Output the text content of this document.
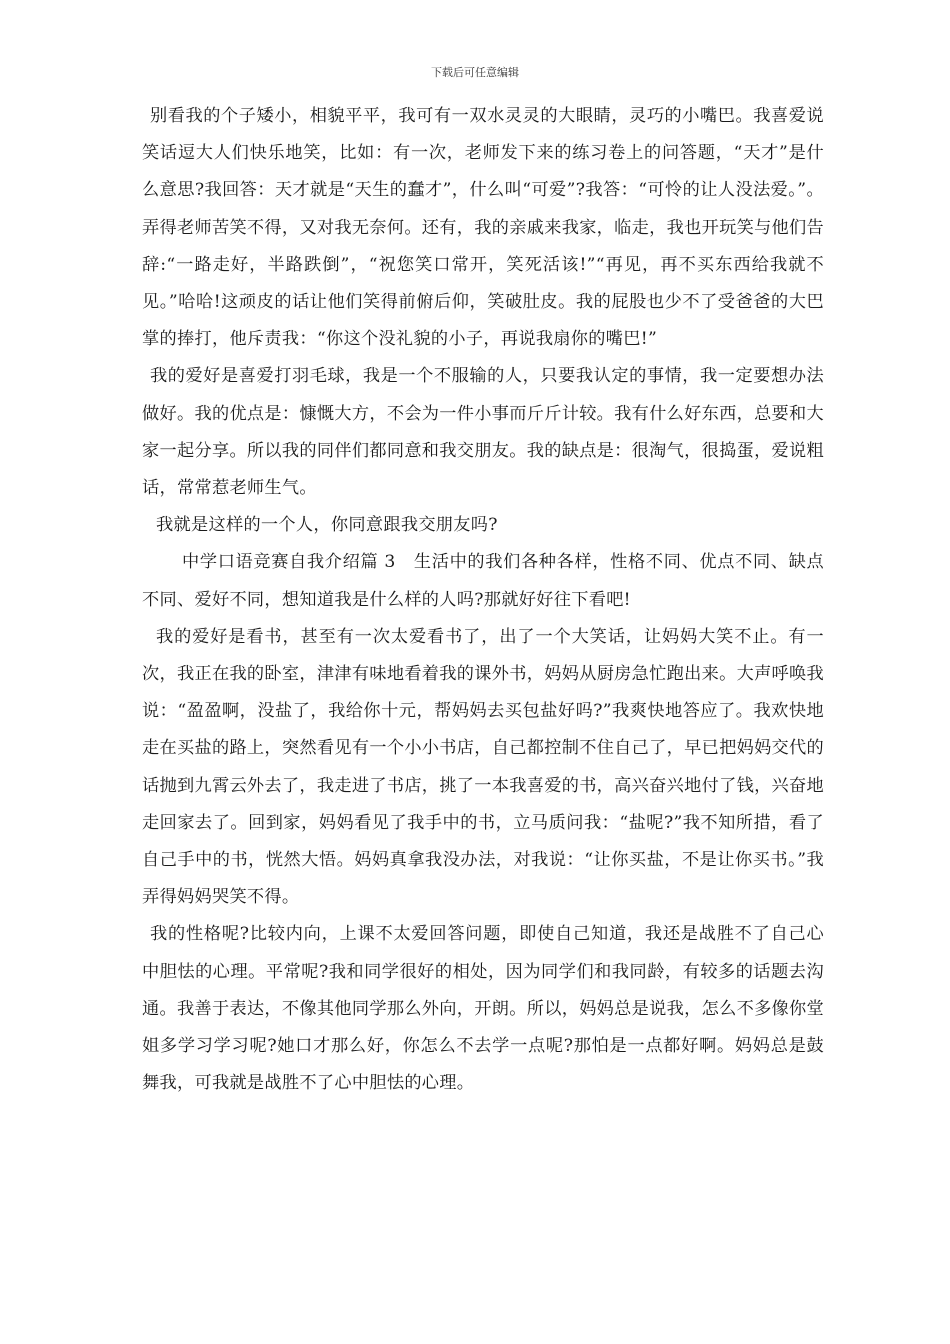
下载后可任意编辑

别看我的个子矮小，相貌平平，我可有一双水灵灵的大眼睛，灵巧的小嘴巴。我喜爱说笑话逗大人们快乐地笑，比如：有一次，老师发下来的练习卷上的问答题，“天才”是什么意思?我回答：天才就是“天生的蠢才”，什么叫“可爱”?我答：“可怜的让人没法爱。”。弄得老师苦笑不得，又对我无奈何。还有，我的亲戚来我家，临走，我也开玩笑与他们告辞:“一路走好，半路跌倒”，“祝您笑口常开，笑死活该!”“再见，再不买东西给我就不见。”哈哈!这顽皮的话让他们笑得前俯后仰，笑破肚皮。我的屁股也少不了受爸爸的大巴掌的捧打，他斥责我：“你这个没礼貌的小子，再说我扇你的嘴巴!”

我的爱好是喜爱打羽毛球，我是一个不服输的人，只要我认定的事情，我一定要想办法做好。我的优点是：慷慨大方，不会为一件小事而斤斤计较。我有什么好东西，总要和大家一起分享。所以我的同伴们都同意和我交朋友。我的缺点是：很淘气，很捣蛋，爱说粗话，常常惹老师生气。

我就是这样的一个人，你同意跟我交朋友吗?

中学口语竞赛自我介绍篇 3　生活中的我们各种各样，性格不同、优点不同、缺点不同、爱好不同，想知道我是什么样的人吗?那就好好往下看吧!

我的爱好是看书，甚至有一次太爱看书了，出了一个大笑话，让妈妈大笑不止。有一次，我正在我的卧室，津津有味地看着我的课外书，妈妈从厨房急忙跑出来。大声呼唤我说：“盈盈啊，没盐了，我给你十元，帮妈妈去买包盐好吗?”我爽快地答应了。我欢快地走在买盐的路上，突然看见有一个小小书店，自己都控制不住自己了，早已把妈妈交代的话抛到九霄云外去了，我走进了书店，挑了一本我喜爱的书，高兴奋兴地付了钱，兴奋地走回家去了。回到家，妈妈看见了我手中的书，立马质问我：“盐呢?”我不知所措，看了自己手中的书，恍然大悟。妈妈真拿我没办法，对我说：“让你买盐，不是让你买书。”我弄得妈妈哭笑不得。

我的性格呢?比较内向，上课不太爱回答问题，即使自己知道，我还是战胜不了自己心中胆怯的心理。平常呢?我和同学很好的相处，因为同学们和我同龄，有较多的话题去沟通。我善于表达，不像其他同学那么外向，开朗。所以，妈妈总是说我，怎么不多像你堂姐多学习学习呢?她口才那么好，你怎么不去学一点呢?那怕是一点都好啊。妈妈总是鼓舞我，可我就是战胜不了心中胆怯的心理。
